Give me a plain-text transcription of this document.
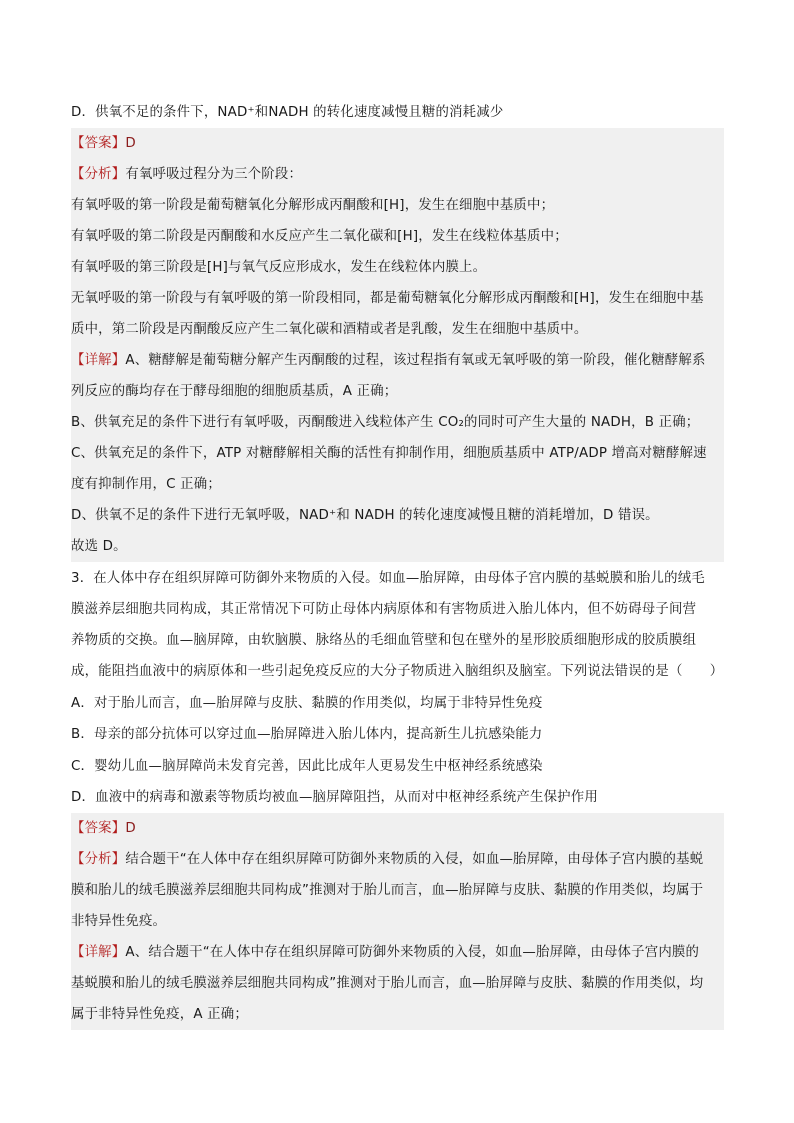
D．供氧不足的条件下，NAD⁺和NADH 的转化速度减慢且糖的消耗减少
【答案】D
【分析】有氧呼吸过程分为三个阶段：
有氧呼吸的第一阶段是葡萄糖氧化分解形成丙酮酸和[H]，发生在细胞中基质中；
有氧呼吸的第二阶段是丙酮酸和水反应产生二氧化碳和[H]，发生在线粒体基质中；
有氧呼吸的第三阶段是[H]与氧气反应形成水，发生在线粒体内膜上。
无氧呼吸的第一阶段与有氧呼吸的第一阶段相同，都是葡萄糖氧化分解形成丙酮酸和[H]，发生在细胞中基
质中，第二阶段是丙酮酸反应产生二氧化碳和酒精或者是乳酸，发生在细胞中基质中。
【详解】A、糖酵解是葡萄糖分解产生丙酮酸的过程，该过程指有氧或无氧呼吸的第一阶段，催化糖酵解系
列反应的酶均存在于酵母细胞的细胞质基质，A 正确；
B、供氧充足的条件下进行有氧呼吸，丙酮酸进入线粒体产生 CO₂的同时可产生大量的 NADH，B 正确；
C、供氧充足的条件下，ATP 对糖酵解相关酶的活性有抑制作用，细胞质基质中 ATP/ADP 增高对糖酵解速
度有抑制作用，C 正确；
D、供氧不足的条件下进行无氧呼吸，NAD⁺和 NADH 的转化速度减慢且糖的消耗增加，D 错误。
故选 D。
3．在人体中存在组织屏障可防御外来物质的入侵。如血—胎屏障，由母体子宫内膜的基蜕膜和胎儿的绒毛
膜滋养层细胞共同构成，其正常情况下可防止母体内病原体和有害物质进入胎儿体内，但不妨碍母子间营
养物质的交换。血—脑屏障，由软脑膜、脉络丛的毛细血管壁和包在壁外的星形胶质细胞形成的胶质膜组
成，能阻挡血液中的病原体和一些引起免疫反应的大分子物质进入脑组织及脑室。下列说法错误的是（　　）
A．对于胎儿而言，血—胎屏障与皮肤、黏膜的作用类似，均属于非特异性免疫
B．母亲的部分抗体可以穿过血—胎屏障进入胎儿体内，提高新生儿抗感染能力
C．婴幼儿血—脑屏障尚未发育完善，因此比成年人更易发生中枢神经系统感染
D．血液中的病毒和激素等物质均被血—脑屏障阻挡，从而对中枢神经系统产生保护作用
【答案】D
【分析】结合题干“在人体中存在组织屏障可防御外来物质的入侵，如血—胎屏障，由母体子宫内膜的基蜕
膜和胎儿的绒毛膜滋养层细胞共同构成”推测对于胎儿而言，血—胎屏障与皮肤、黏膜的作用类似，均属于
非特异性免疫。
【详解】A、结合题干“在人体中存在组织屏障可防御外来物质的入侵，如血—胎屏障，由母体子宫内膜的
基蜕膜和胎儿的绒毛膜滋养层细胞共同构成”推测对于胎儿而言，血—胎屏障与皮肤、黏膜的作用类似，均
属于非特异性免疫，A 正确；
